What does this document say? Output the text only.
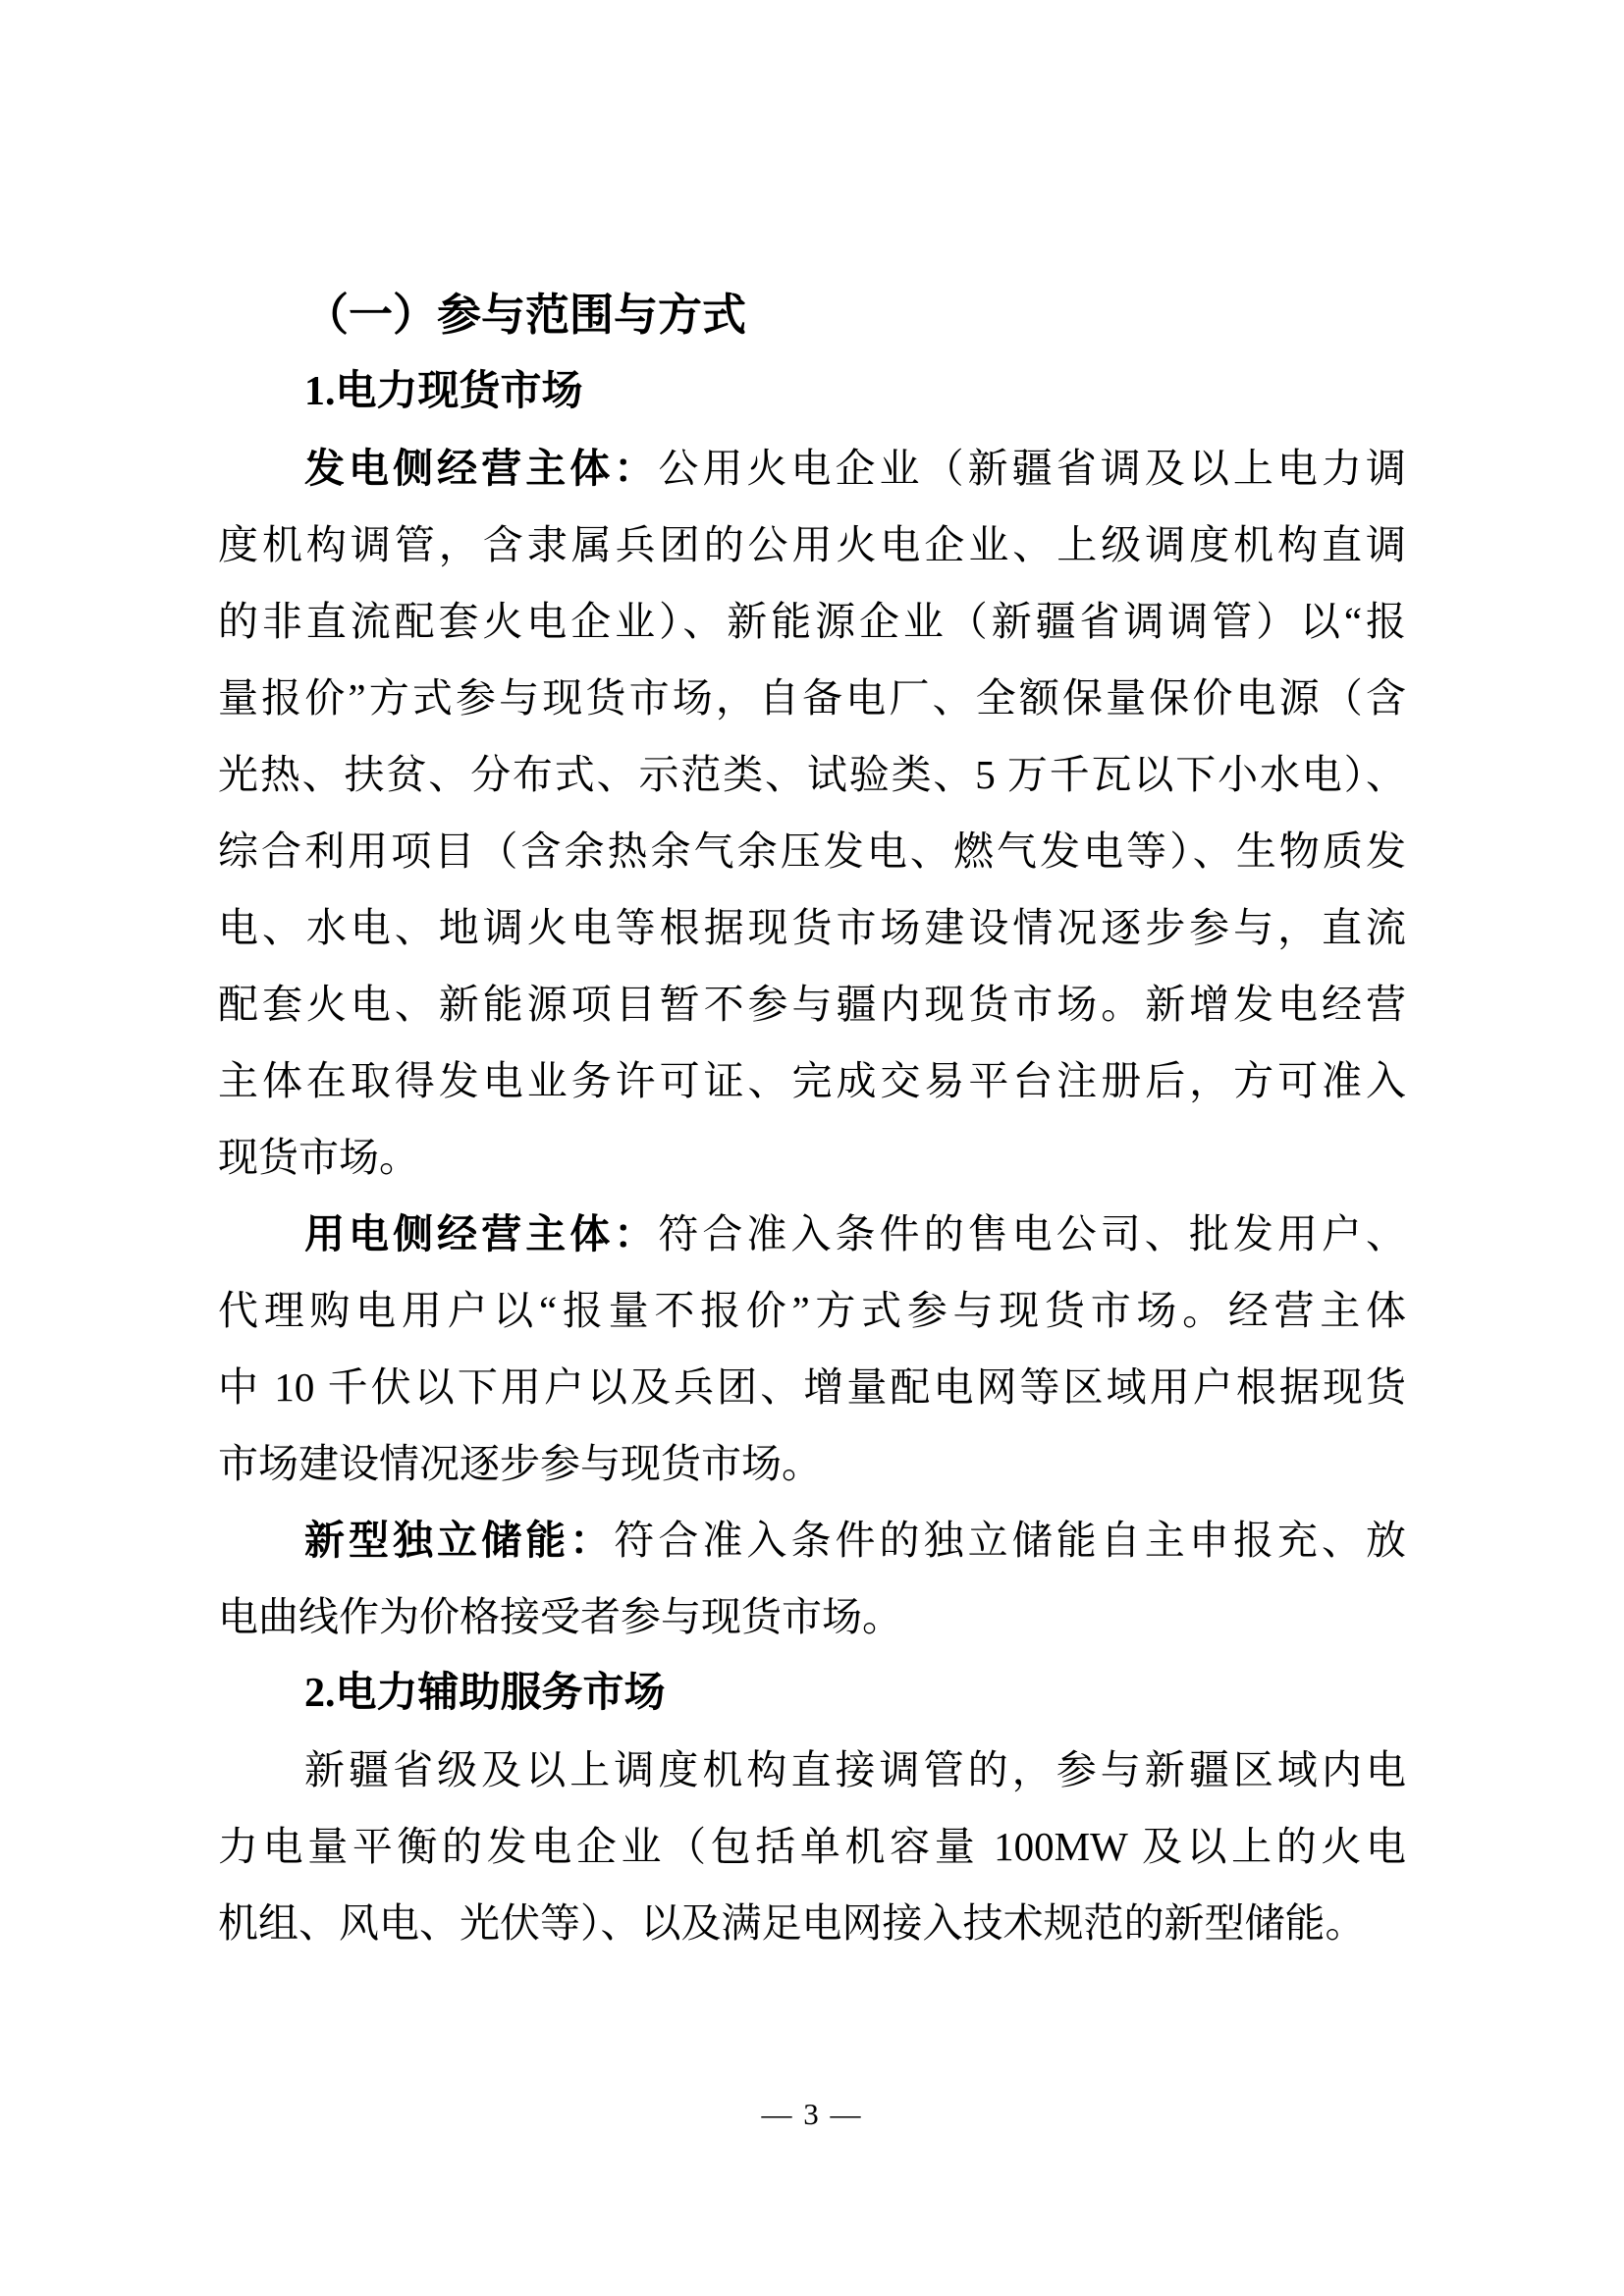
（一）参与范围与方式
1.电力现货市场
发电侧经营主体：公用火电企业（新疆省调及以上电力调
度机构调管，含隶属兵团的公用火电企业、上级调度机构直调
的非直流配套火电企业）、新能源企业（新疆省调调管）以“报
量报价”方式参与现货市场，自备电厂、全额保量保价电源（含
光热、扶贫、分布式、示范类、试验类、5 万千瓦以下小水电）、
综合利用项目（含余热余气余压发电、燃气发电等）、生物质发
电、水电、地调火电等根据现货市场建设情况逐步参与，直流
配套火电、新能源项目暂不参与疆内现货市场。新增发电经营
主体在取得发电业务许可证、完成交易平台注册后，方可准入
现货市场。
用电侧经营主体：符合准入条件的售电公司、批发用户、
代理购电用户以“报量不报价”方式参与现货市场。经营主体
中 10 千伏以下用户以及兵团、增量配电网等区域用户根据现货
市场建设情况逐步参与现货市场。
新型独立储能：符合准入条件的独立储能自主申报充、放
电曲线作为价格接受者参与现货市场。
2.电力辅助服务市场
新疆省级及以上调度机构直接调管的，参与新疆区域内电
力电量平衡的发电企业（包括单机容量 100MW 及以上的火电
机组、风电、光伏等）、以及满足电网接入技术规范的新型储能。
— 3 —
